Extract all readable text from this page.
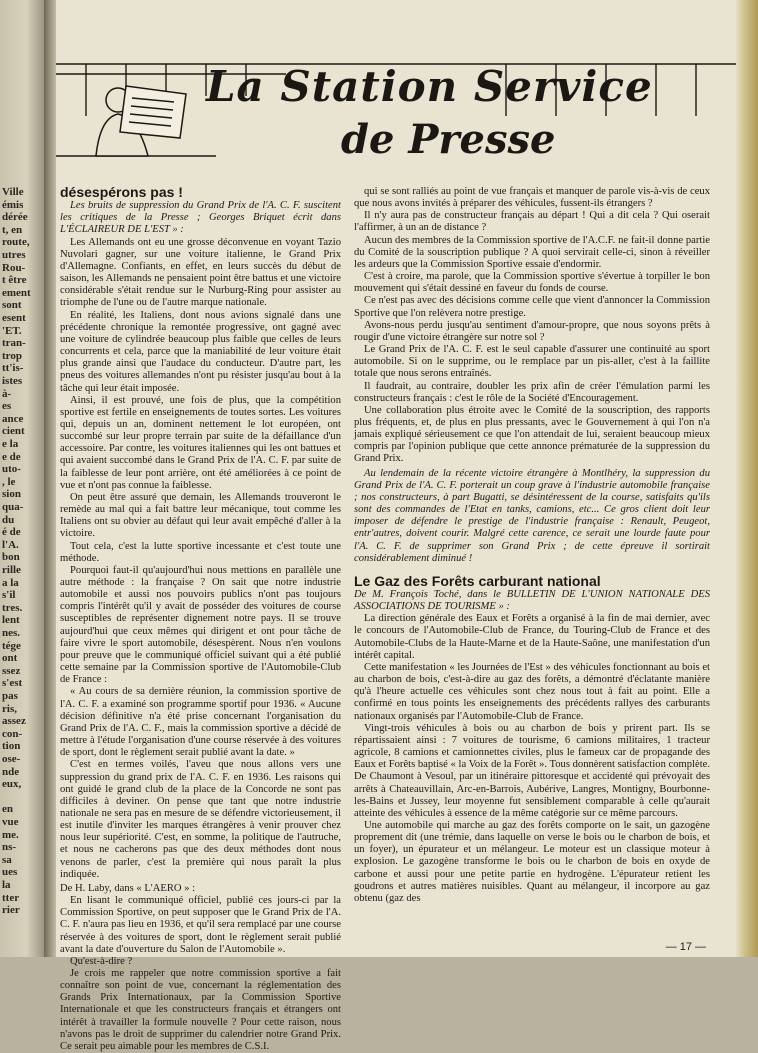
Ville
émis
dérée
t, en
route,
utres
Rou-
t être
ement
sont
esent
'ET.
tran-
trop
tt'is-
istes
à-
es
ance
cient
e la
e de
uto-
, le
sion
qua-
du
é de
l'A.
bon
rille
a la
s'il
tres.
lent
nes.
tége
ont
ssez
s'est
pas
ris,
assez
con-
tion
ose-
nde
eux,
en
vue
me.
ns-
sa
ues
la
tter
rier
La Station Service
de Presse
désespérons pas !

Les bruits de suppression du Grand Prix de l'A. C. F. suscitent les critiques de la Presse ; Georges Briquet écrit dans L'ÉCLAIREUR DE L'EST » :

Les Allemands ont eu une grosse déconvenue en voyant Tazio Nuvolari gagner, sur une voiture italienne, le Grand Prix d'Allemagne. Confiants, en effet, en leurs succès du début de saison, les Allemands ne pensaient point être battus et une victoire considérable s'était rendue sur le Nurburg-Ring pour assister au triomphe de l'une ou de l'autre marque nationale.

En réalité, les Italiens, dont nous avions signalé dans une précédente chronique la remontée progressive, ont gagné avec une voiture de cylindrée beaucoup plus faible que celles de leurs concurrents et cela, parce que la maniabilité de leur voiture était plus grande ainsi que l'audace du conducteur. D'autre part, les pneus des voitures allemandes n'ont pu résister jusqu'au bout à la tâche qui leur était imposée.

Ainsi, il est prouvé, une fois de plus, que la compétition sportive est fertile en enseignements de toutes sortes. Les voitures qui, depuis un an, dominent nettement le lot européen, ont succombé sur leur propre terrain par suite de la défaillance d'un accessoire. Par contre, les voitures italiennes qui les ont battues et qui avaient succombé dans le Grand Prix de l'A. C. F. par suite de la faiblesse de leur pont arrière, ont été améliorées à ce point de vue et n'ont pas connue la faiblesse.

On peut être assuré que demain, les Allemands trouveront le remède au mal qui a fait battre leur mécanique, tout comme les Italiens ont su obvier au défaut qui leur avait empêché d'aller à la victoire.

Tout cela, c'est la lutte sportive incessante et c'est toute une méthode.

Pourquoi faut-il qu'aujourd'hui nous mettions en parallèle une autre méthode : la française ? On sait que notre industrie automobile et aussi nos pouvoirs publics n'ont pas toujours compris l'intérêt qu'il y avait de posséder des voitures de course susceptibles de représenter dignement notre pays. Il se trouve aujourd'hui que ceux mêmes qui dirigent et ont pour tâche de faire vivre le sport automobile, désespèrent. Nous n'en voulons pour preuve que le communiqué officiel suivant qui a été publié cette semaine par la Commission sportive de l'Automobile-Club de France :

« Au cours de sa dernière réunion, la commission sportive de l'A. C. F. a examiné son programme sportif pour 1936. « Aucune décision définitive n'a été prise concernant l'organisation du Grand Prix de l'A. C. F., mais la commission sportive a décidé de mettre à l'étude l'organisation d'une course réservée à des voitures de sport, dont le règlement serait publié avant la date. »

C'est en termes voilés, l'aveu que nous allons vers une suppression du grand prix de l'A. C. F. en 1936. Les raisons qui ont guidé le grand club de la place de la Concorde ne sont pas difficiles à deviner. On pense que tant que notre industrie nationale ne sera pas en mesure de se défendre victorieusement, il est inutile d'inviter les marques étrangères à venir prouver chez nous leur supériorité. C'est, en somme, la politique de l'autruche, et nous ne cacherons pas que des deux méthodes dont nous venons de parler, c'est la première qui nous paraît la plus indiquée.

De H. Laby, dans « L'AERO » :

En lisant le communiqué officiel, publié ces jours-ci par la Commission Sportive, on peut supposer que le Grand Prix de l'A. C. F. n'aura pas lieu en 1936, et qu'il sera remplacé par une course réservée à des voitures de sport, dont le règlement serait publié avant la date d'ouverture du Salon de l'Automobile ».

Qu'est-à-dire ?

Je crois me rappeler que notre commission sportive a fait connaître son point de vue, concernant la réglementation des Grands Prix Internationaux, par la Commission Sportive Internationale et que les constructeurs français et étrangers ont intérêt à travailler la formule nouvelle ? Pour cette raison, nous n'avons pas le droit de supprimer du calendrier notre Grand Prix. Ce serait peu aimable pour les membres de C.S.I.

qui se sont ralliés au point de vue français et manquer de parole vis-à-vis de ceux que nous avons invités à préparer des véhicules, fussent-ils étrangers ?

Il n'y aura pas de constructeur français au départ ! Qui a dit cela ? Qui oserait l'affirmer, à un an de distance ?

Aucun des membres de la Commission sportive de l'A.C.F. ne fait-il donne partie du Comité de la souscription publique ? A quoi servirait celle-ci, sinon à réveiller les ardeurs que la Commission Sportive essaie d'endormir.

C'est à croire, ma parole, que la Commission sportive s'évertue à torpiller le bon mouvement qui s'était dessiné en faveur du fonds de course.

Ce n'est pas avec des décisions comme celle que vient d'annoncer la Commission Sportive que l'on relèvera notre prestige.

Avons-nous perdu jusqu'au sentiment d'amour-propre, que nous soyons prêts à rougir d'une victoire étrangère sur notre sol ?

Le Grand Prix de l'A. C. F. est le seul capable d'assurer une continuité au sport automobile. Si on le supprime, ou le remplace par un pis-aller, c'est à la faillite totale que nous serons entraînés.

Il faudrait, au contraire, doubler les prix afin de créer l'émulation parmi les constructeurs français : c'est le rôle de la Société d'Encouragement.

Une collaboration plus étroite avec le Comité de la souscription, des rapports plus fréquents, et, de plus en plus pressants, avec le Gouvernement à qui l'on n'a jamais expliqué sérieusement ce que l'on attendait de lui, seraient beaucoup mieux compris par l'opinion publique que cette annonce prématurée de la suppression du Grand Prix.

Au lendemain de la récente victoire étrangère à Montlhéry, la suppression du Grand Prix de l'A. C. F. porterait un coup grave à l'industrie automobile française ; nos constructeurs, à part Bugatti, se désintéressent de la course, satisfaits qu'ils sont des commandes de l'Etat en tanks, camions, etc... Ce gros client doit leur imposer de défendre le prestige de l'industrie française : Renault, Peugeot, entr'autres, doivent courir. Malgré cette carence, ce serait une lourde faute pour l'A. C. F. de supprimer son Grand Prix ; de cette épreuve il sortirait considérablement diminué !

Le Gaz des Forêts carburant national

De M. François Toché, dans le BULLETIN DE L'UNION NATIONALE DES ASSOCIATIONS DE TOURISME » :

La direction générale des Eaux et Forêts a organisé à la fin de mai dernier, avec le concours de l'Automobile-Club de France, du Touring-Club de France et des Automobile-Clubs de la Haute-Marne et de la Haute-Saône, une manifestation d'un intérêt capital.

Cette manifestation « les Journées de l'Est » des véhicules fonctionnant au bois et au charbon de bois, c'est-à-dire au gaz des forêts, a démontré d'éclatante manière qu'à l'heure actuelle ces véhicules sont chez nous tout à fait au point. Elle a confirmé en tous points les enseignements des précédents rallyes des carburants nationaux organisés par l'Automobile-Club de France.

Vingt-trois véhicules à bois ou au charbon de bois y prirent part. Ils se répartissaient ainsi : 7 voitures de tourisme, 6 camions militaires, 1 tracteur agricole, 8 camions et camionnettes civiles, plus le fameux car de propagande des Eaux et Forêts baptisé « la Voix de la Forêt ». Tous donnèrent satisfaction complète. De Chaumont à Vesoul, par un itinéraire pittoresque et accidenté qui prévoyait des arrêts à Chateauvillain, Arc-en-Barrois, Aubérive, Langres, Montigny, Bourbonne-les-Bains et Jussey, leur moyenne fut sensiblement comparable à celle qu'aurait atteinte des véhicules à essence de la même catégorie sur ce même parcours.

Une automobile qui marche au gaz des forêts comporte on le sait, un gazogène proprement dit (une trémie, dans laquelle on verse le bois ou le charbon de bois, et un foyer), un épurateur et un mélangeur. Le moteur est un classique moteur à explosion. Le gazogène transforme le bois ou le charbon de bois en oxyde de carbone et aussi pour une petite partie en hydrogène. L'épurateur retient les goudrons et autres matières nuisibles. Quant au mélangeur, il incorpore au gaz obtenu (gaz des

— 17 —
